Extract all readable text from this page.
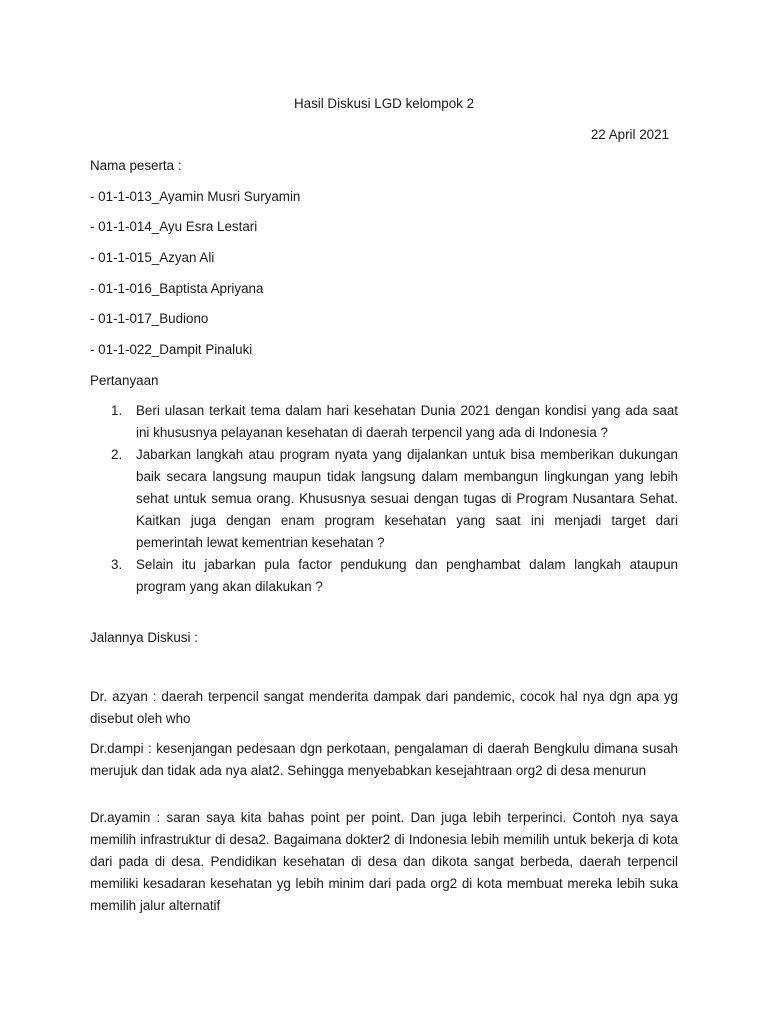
Hasil Diskusi LGD kelompok 2

22 April 2021

Nama peserta :

- 01-1-013_Ayamin Musri Suryamin

- 01-1-014_Ayu Esra Lestari

- 01-1-015_Azyan Ali

- 01-1-016_Baptista Apriyana

- 01-1-017_Budiono

- 01-1-022_Dampit Pinaluki

Pertanyaan

1. Beri ulasan terkait tema dalam hari kesehatan Dunia 2021 dengan kondisi yang ada saat ini khususnya pelayanan kesehatan di daerah terpencil yang ada di Indonesia ?
2. Jabarkan langkah atau program nyata yang dijalankan untuk bisa memberikan dukungan baik secara langsung maupun tidak langsung dalam membangun lingkungan yang lebih sehat untuk semua orang. Khususnya sesuai dengan tugas di Program Nusantara Sehat. Kaitkan juga dengan enam program kesehatan yang saat ini menjadi target dari pemerintah lewat kementrian kesehatan ?
3. Selain itu jabarkan pula factor pendukung dan penghambat dalam langkah ataupun program yang akan dilakukan ?

Jalannya Diskusi :

Dr. azyan : daerah terpencil sangat menderita dampak dari pandemic, cocok hal nya dgn apa yg disebut oleh who

Dr.dampi : kesenjangan pedesaan dgn perkotaan, pengalaman di daerah Bengkulu dimana susah merujuk dan tidak ada nya alat2. Sehingga menyebabkan kesejahtraan org2 di desa menurun

Dr.ayamin : saran saya kita bahas point per point. Dan juga lebih terperinci. Contoh nya saya memilih infrastruktur di desa2. Bagaimana dokter2 di Indonesia lebih memilih untuk bekerja di kota dari pada di desa. Pendidikan kesehatan di desa dan dikota sangat berbeda, daerah terpencil memiliki kesadaran kesehatan yg lebih minim dari pada org2 di kota membuat mereka lebih suka memilih jalur alternatif
